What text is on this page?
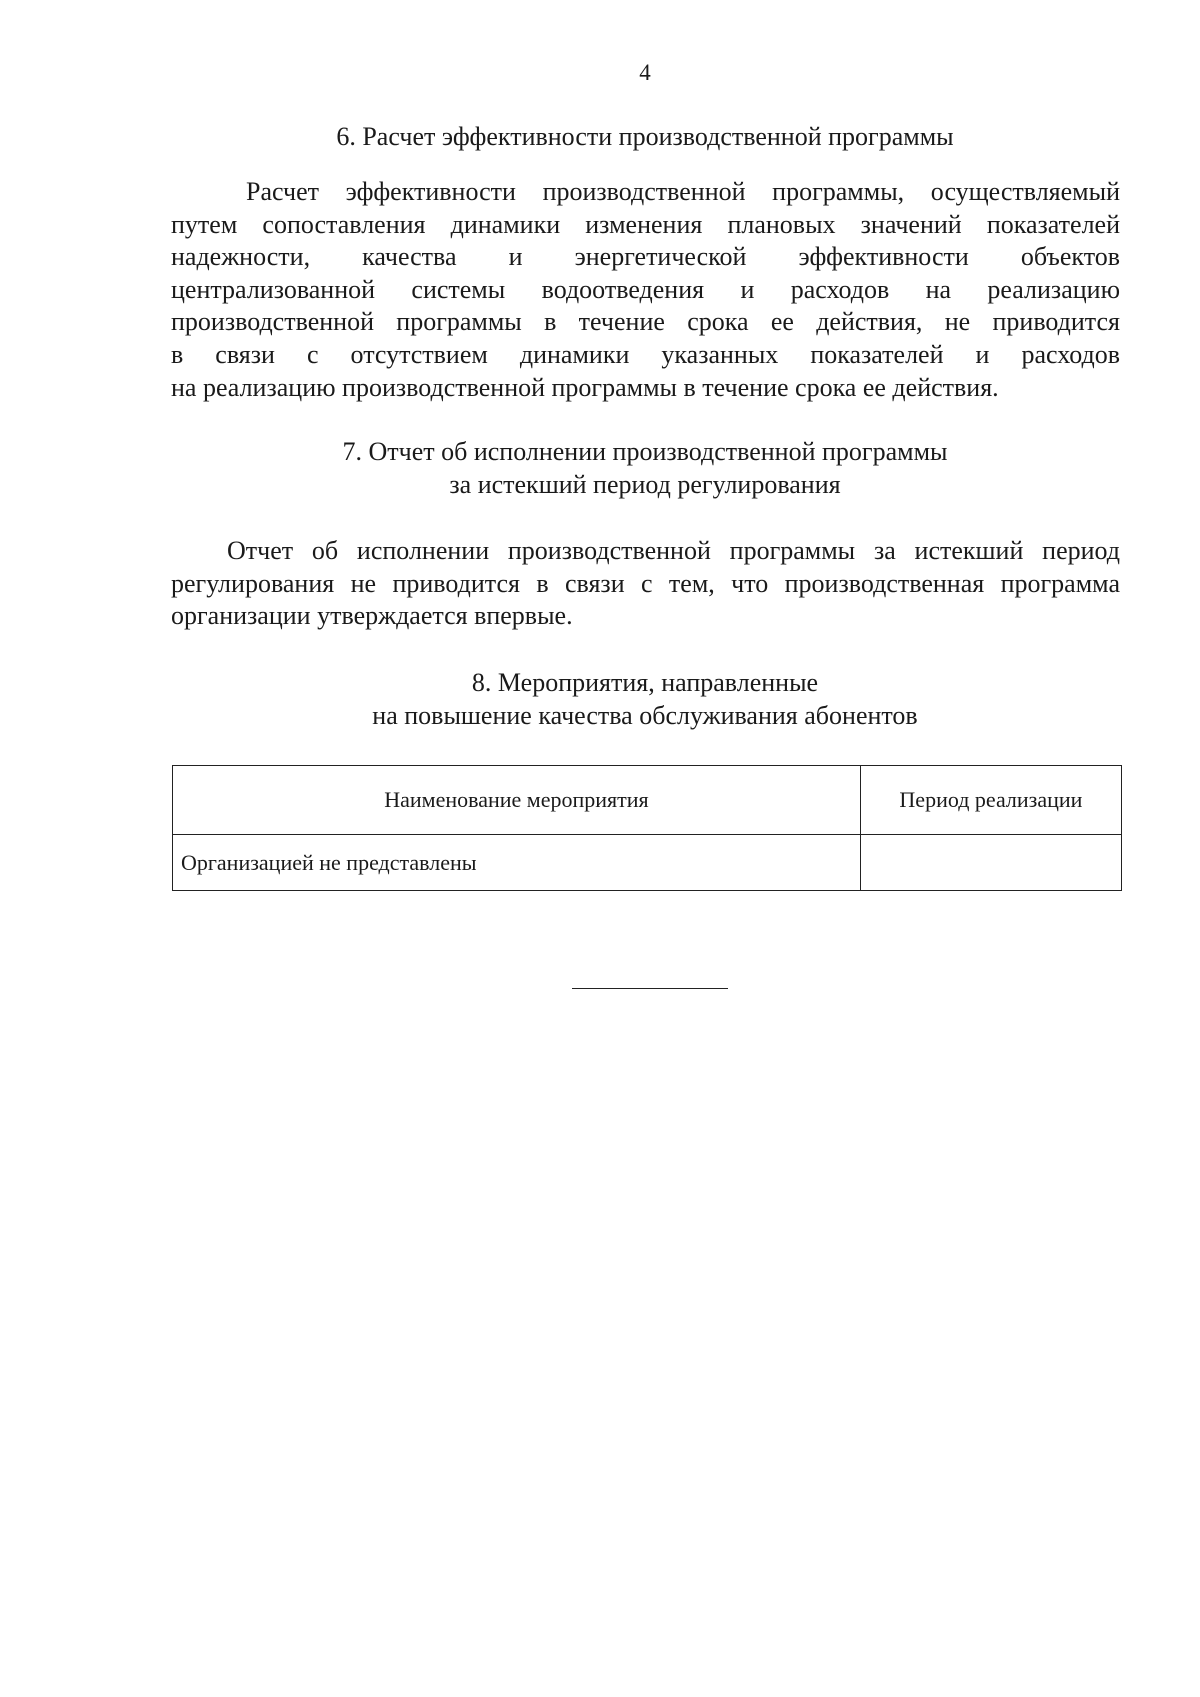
4
6. Расчет эффективности производственной программы
Расчет эффективности производственной программы, осуществляемый
путем сопоставления динамики изменения плановых значений показателей
надежности, качества и энергетической эффективности объектов
централизованной системы водоотведения и расходов на реализацию
производственной программы в течение срока ее действия, не приводится
в связи с отсутствием динамики указанных показателей и расходов
на реализацию производственной программы в течение срока ее действия.
7. Отчет об исполнении производственной программы
за истекший период регулирования
Отчет об исполнении производственной программы за истекший период
регулирования не приводится в связи с тем, что производственная программа
организации утверждается впервые.
8. Мероприятия, направленные
на повышение качества обслуживания абонентов
Наименование мероприятия	Период реализации
Организацией не представлены	
